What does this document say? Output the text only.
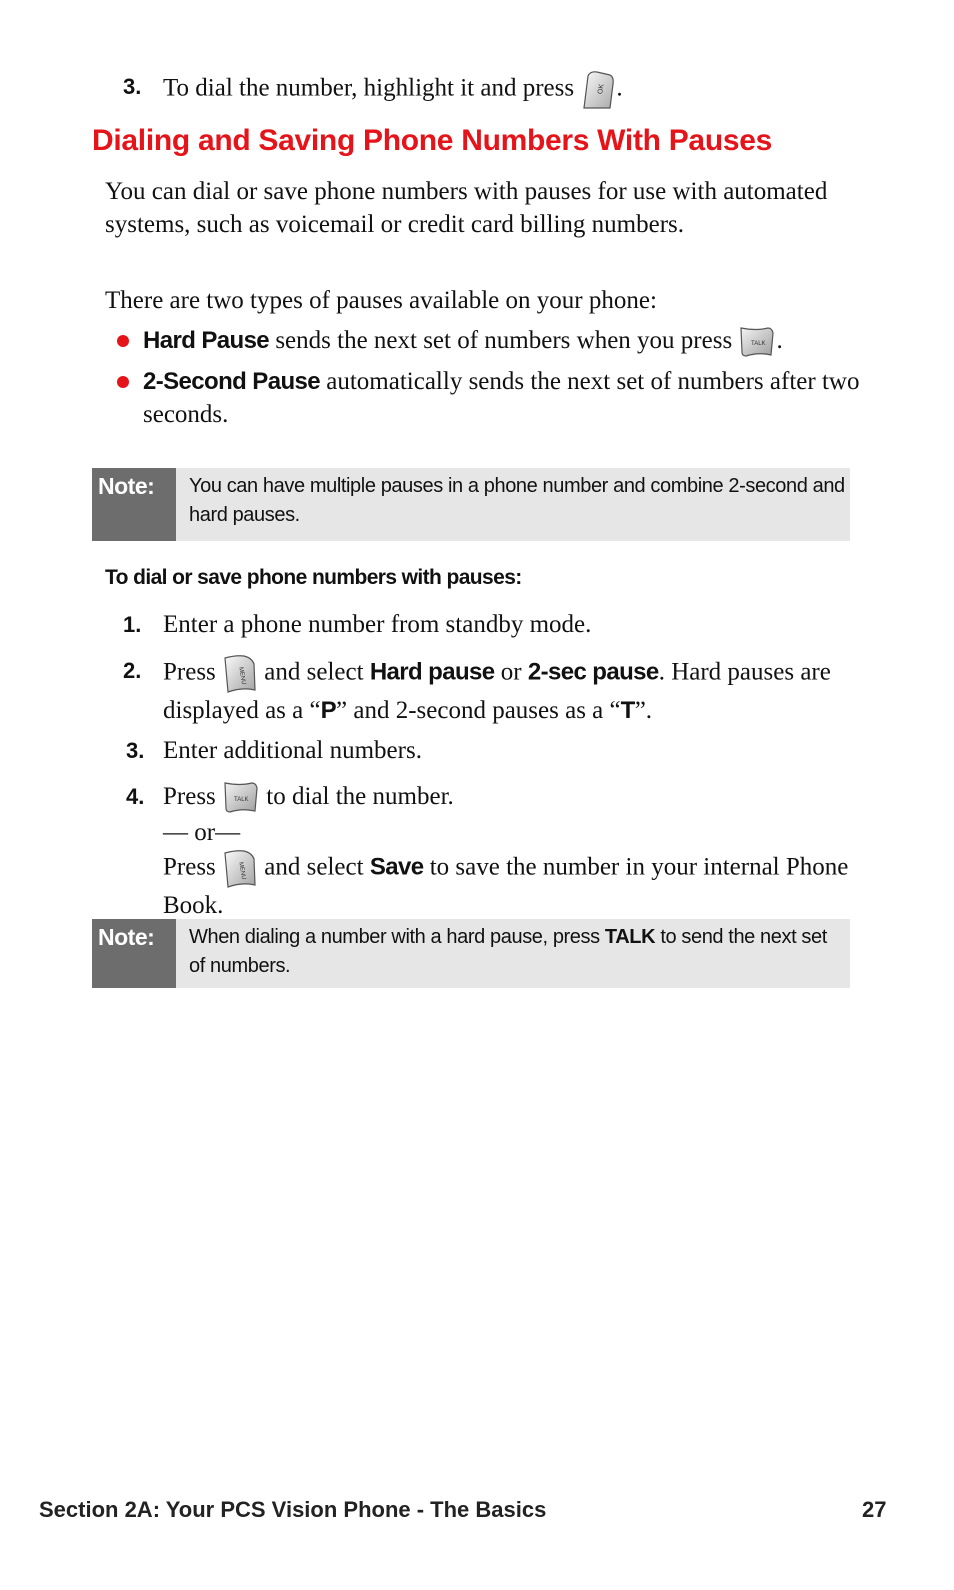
3. To dial the number, highlight it and press	OK .
Dialing and Saving Phone Numbers With Pauses
You can dial or save phone numbers with pauses for use with automated systems, such as voicemail or credit card billing numbers.
There are two types of pauses available on your phone:
Hard Pause sends the next set of numbers when you press	TALK .
2-Second Pause automatically sends the next set of numbers after two seconds.
Note:	You can have multiple pauses in a phone number and combine 2-second and hard pauses.
To dial or save phone numbers with pauses:
1. Enter a phone number from standby mode.
2. Press	MENU and select Hard pause or 2-sec pause. Hard pauses are displayed as a “P” and 2-second pauses as a “T”.
3. Enter additional numbers.
4. Press	TALK to dial the number.
— or—
Press	MENU and select Save to save the number in your internal Phone Book.
Note:	When dialing a number with a hard pause, press TALK to send the next set of numbers.
Section 2A: Your PCS Vision Phone - The Basics	27
